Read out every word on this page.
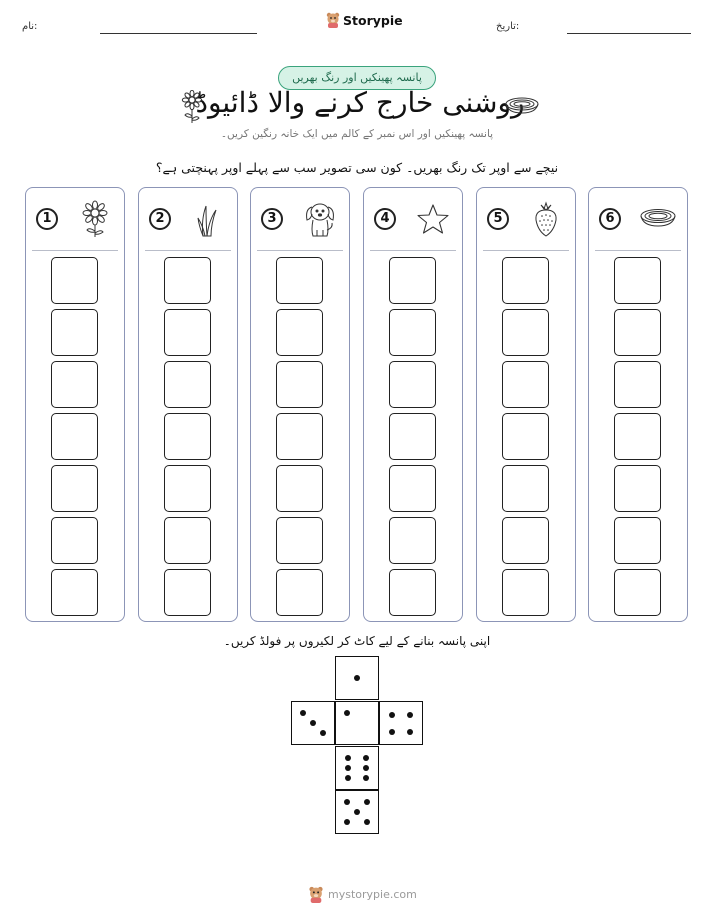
نام:	Storypie	تاریخ:
پانسہ پھینکیں اور رنگ بھریں
روشنی خارج کرنے والا ڈائیوڈ
پانسہ پھینکیں اور اس نمبر کے کالم میں ایک خانہ رنگین کریں۔
نیچے سے اوپر تک رنگ بھریں۔ کون سی تصویر سب سے پہلے اوپر پہنچتی ہے؟
1	2	3	4	5	6
اپنی پانسہ بنانے کے لیے کاٹ کر لکیروں پر فولڈ کریں۔
mystorypie.com
